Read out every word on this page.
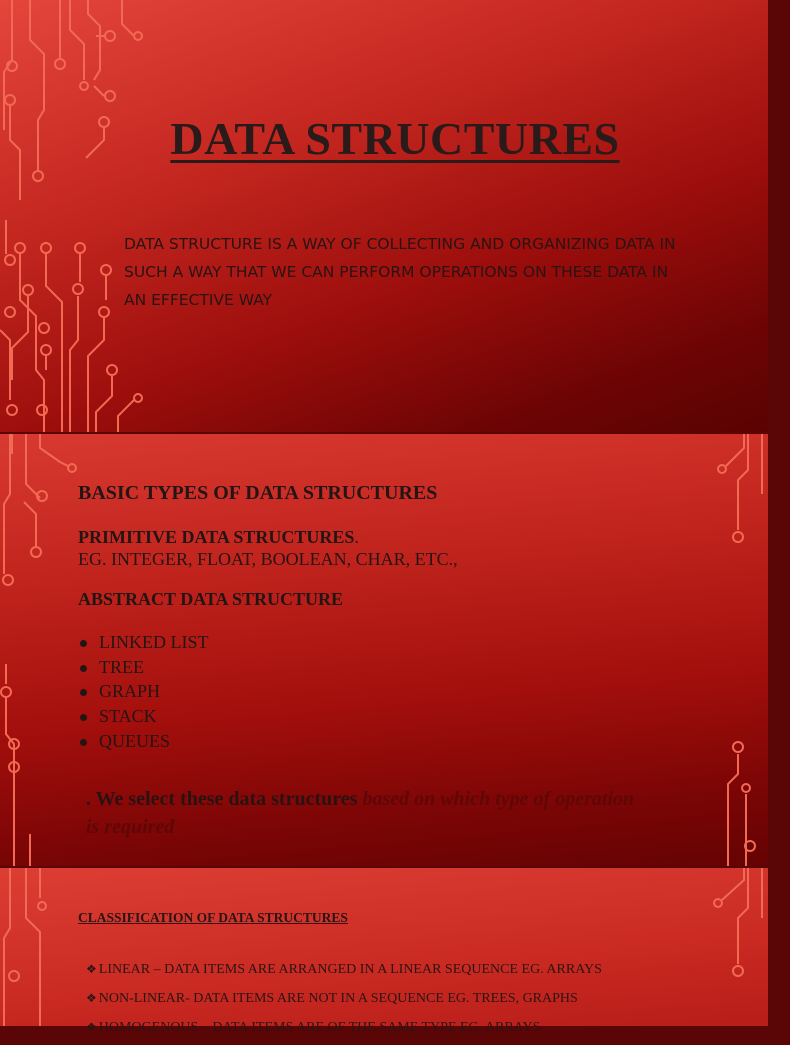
DATA STRUCTURES

DATA STRUCTURE IS A WAY OF COLLECTING AND ORGANIZING DATA IN SUCH A WAY THAT WE CAN PERFORM OPERATIONS ON THESE DATA IN AN EFFECTIVE WAY

BASIC TYPES OF DATA STRUCTURES

PRIMITIVE DATA STRUCTURES.
EG. INTEGER, FLOAT, BOOLEAN, CHAR, ETC.,

ABSTRACT DATA STRUCTURE
LINKED LIST
TREE
GRAPH
STACK
QUEUES

. We select these data structures based on which type of operation is required

CLASSIFICATION OF DATA STRUCTURES
❖ LINEAR – DATA ITEMS ARE ARRANGED IN A LINEAR SEQUENCE EG. ARRAYS
❖ NON-LINEAR- DATA ITEMS ARE NOT IN A SEQUENCE EG. TREES, GRAPHS
❖ HOMOGENOUS – DATA ITEMS ARE OF THE SAME TYPE EG. ARRAYS
